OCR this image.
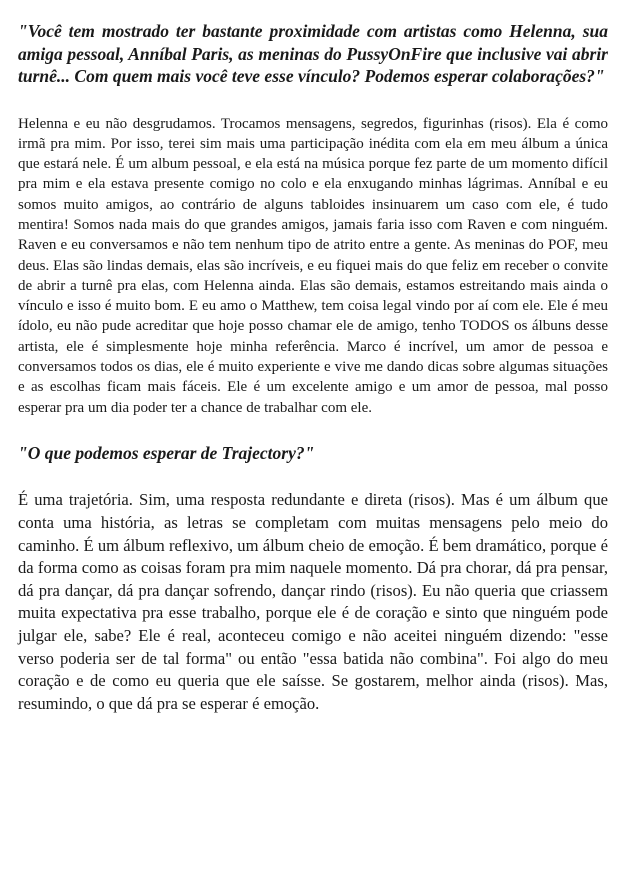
"Você tem mostrado ter bastante proximidade com artistas como Helenna, sua amiga pessoal, Anníbal Paris, as meninas do PussyOnFire que inclusive vai abrir turnê... Com quem mais você teve esse vínculo? Podemos esperar colaborações?"

Helenna e eu não desgrudamos. Trocamos mensagens, segredos, figurinhas (risos). Ela é como irmã pra mim. Por isso, terei sim mais uma participação inédita com ela em meu álbum a única que estará nele. É um album pessoal, e ela está na música porque fez parte de um momento difícil pra mim e ela estava presente comigo no colo e ela enxugando minhas lágrimas. Anníbal e eu somos muito amigos, ao contrário de alguns tabloides insinuarem um caso com ele, é tudo mentira! Somos nada mais do que grandes amigos, jamais faria isso com Raven e com ninguém. Raven e eu conversamos e não tem nenhum tipo de atrito entre a gente. As meninas do POF, meu deus. Elas são lindas demais, elas são incríveis, e eu fiquei mais do que feliz em receber o convite de abrir a turnê pra elas, com Helenna ainda. Elas são demais, estamos estreitando mais ainda o vínculo e isso é muito bom. E eu amo o Matthew, tem coisa legal vindo por aí com ele. Ele é meu ídolo, eu não pude acreditar que hoje posso chamar ele de amigo, tenho TODOS os álbuns desse artista, ele é simplesmente hoje minha referência. Marco é incrível, um amor de pessoa e conversamos todos os dias, ele é muito experiente e vive me dando dicas sobre algumas situações e as escolhas ficam mais fáceis. Ele é um excelente amigo e um amor de pessoa, mal posso esperar pra um dia poder ter a chance de trabalhar com ele.

"O que podemos esperar de Trajectory?"

É uma trajetória. Sim, uma resposta redundante e direta (risos). Mas é um álbum que conta uma história, as letras se completam com muitas mensagens pelo meio do caminho. É um álbum reflexivo, um álbum cheio de emoção. É bem dramático, porque é da forma como as coisas foram pra mim naquele momento. Dá pra chorar, dá pra pensar, dá pra dançar, dá pra dançar sofrendo, dançar rindo (risos). Eu não queria que criassem muita expectativa pra esse trabalho, porque ele é de coração e sinto que ninguém pode julgar ele, sabe? Ele é real, aconteceu comigo e não aceitei ninguém dizendo: "esse verso poderia ser de tal forma" ou então "essa batida não combina". Foi algo do meu coração e de como eu queria que ele saísse. Se gostarem, melhor ainda (risos). Mas, resumindo, o que dá pra se esperar é emoção.
